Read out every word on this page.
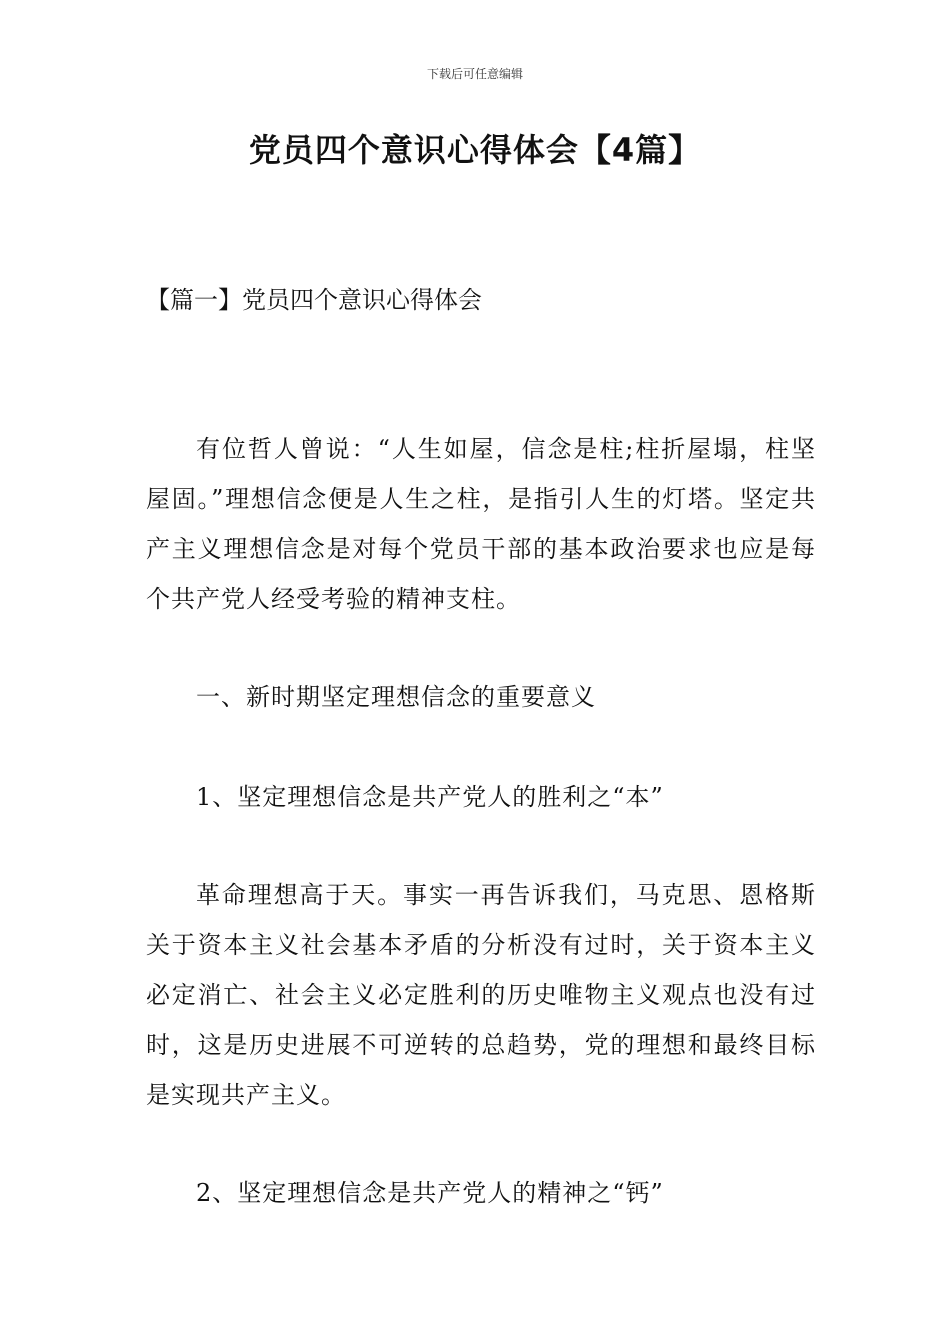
下载后可任意编辑
党员四个意识心得体会【4篇】
【篇一】党员四个意识心得体会

有位哲人曾说：“人生如屋，信念是柱;柱折屋塌，柱坚屋固。”理想信念便是人生之柱，是指引人生的灯塔。坚定共产主义理想信念是对每个党员干部的基本政治要求也应是每个共产党人经受考验的精神支柱。

一、新时期坚定理想信念的重要意义

1、坚定理想信念是共产党人的胜利之“本”

革命理想高于天。事实一再告诉我们，马克思、恩格斯关于资本主义社会基本矛盾的分析没有过时，关于资本主义必定消亡、社会主义必定胜利的历史唯物主义观点也没有过时，这是历史进展不可逆转的总趋势，党的理想和最终目标是实现共产主义。

2、坚定理想信念是共产党人的精神之“钙”
